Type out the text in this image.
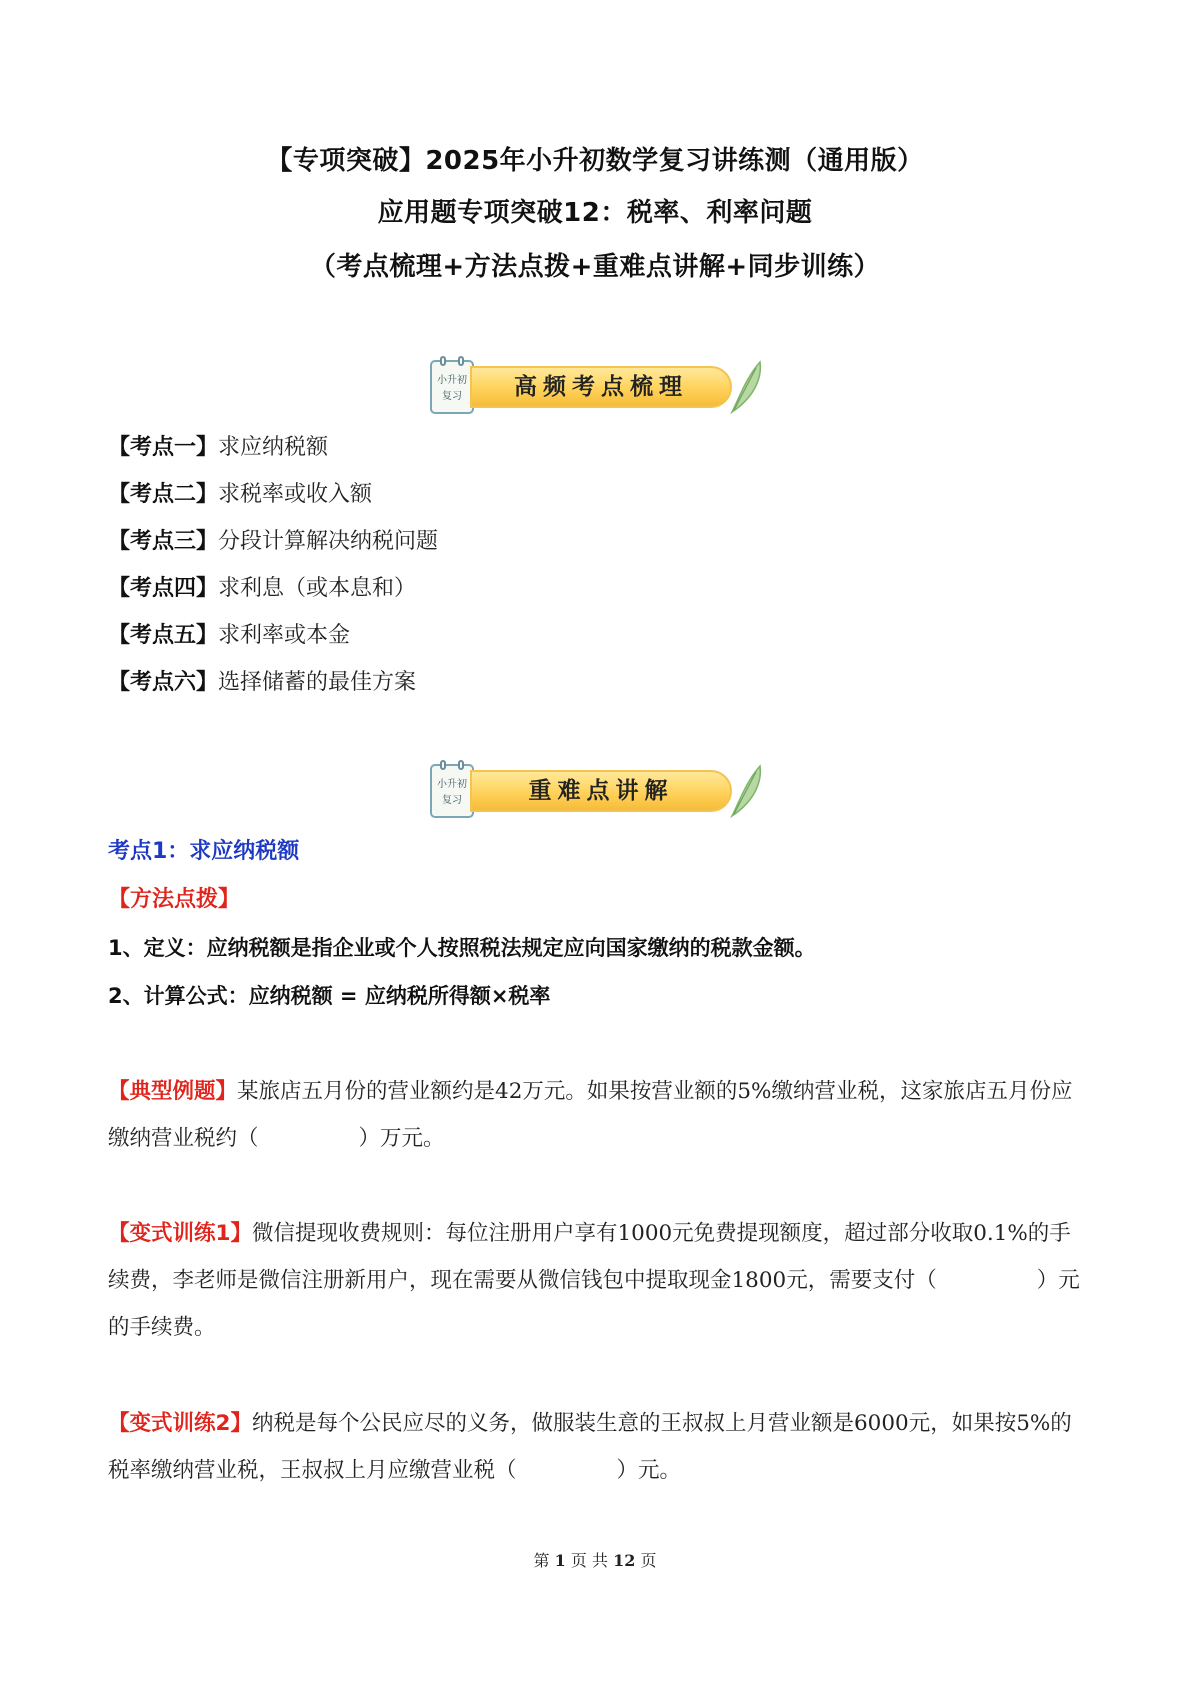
【专项突破】2025年小升初数学复习讲练测（通用版）
应用题专项突破12：税率、利率问题
（考点梳理+方法点拨+重难点讲解+同步训练）
小升初
复习	高频考点梳理
【考点一】求应纳税额
【考点二】求税率或收入额
【考点三】分段计算解决纳税问题
【考点四】求利息（或本息和）
【考点五】求利率或本金
【考点六】选择储蓄的最佳方案
小升初
复习	重难点讲解
考点1：求应纳税额
【方法点拨】
1、定义：应纳税额是指企业或个人按照税法规定应向国家缴纳的税款金额。
2、计算公式：应纳税额 = 应纳税所得额×税率
【典型例题】某旅店五月份的营业额约是42万元。如果按营业额的5%缴纳营业税，这家旅店五月份应缴纳营业税约（	）万元。
【变式训练1】微信提现收费规则：每位注册用户享有1000元免费提现额度，超过部分收取0.1%的手续费，李老师是微信注册新用户，现在需要从微信钱包中提取现金1800元，需要支付（	）元的手续费。
【变式训练2】纳税是每个公民应尽的义务，做服装生意的王叔叔上月营业额是6000元，如果按5%的税率缴纳营业税，王叔叔上月应缴营业税（	）元。
第 1 页 共 12 页
